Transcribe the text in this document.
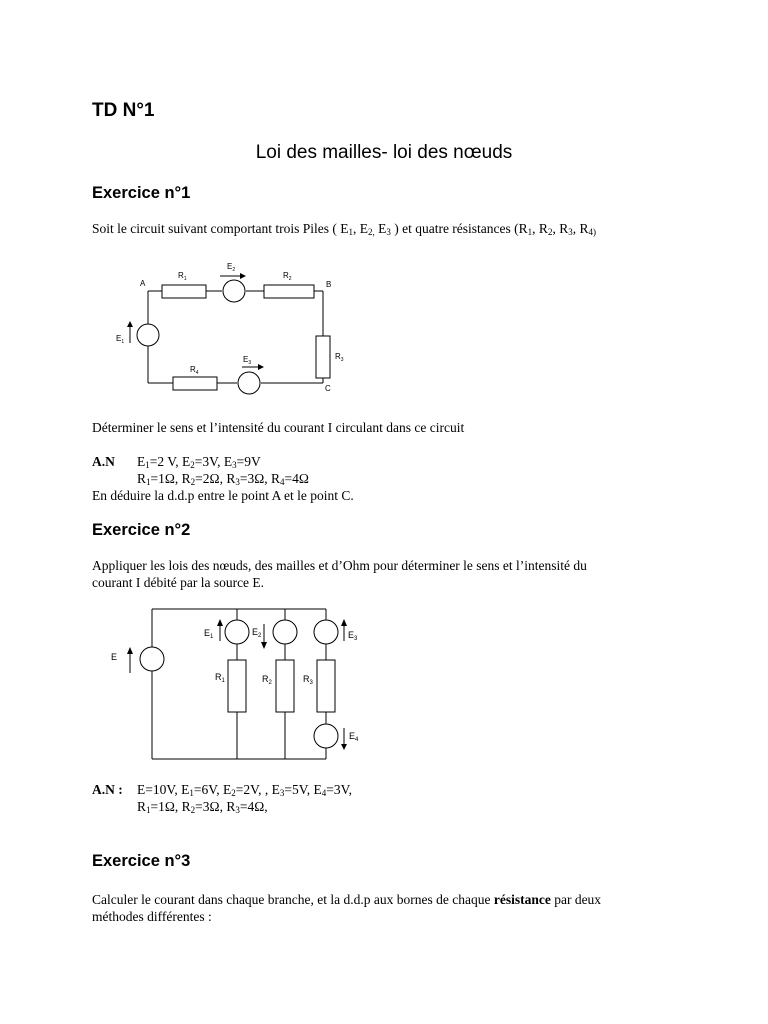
TD N°1
Loi des mailles- loi des nœuds
Exercice n°1
Soit le circuit suivant comportant trois Piles ( $E_1$, $E_{2,}$ $E_3$ ) et quatre résistances ($R_1$, $R_2$, $R_3$, $R_{4)}$
A	B
C
$R_1$	$R_2$
$R_3$
$R_4$
$E_2$
$E_3$
$E_1$
Déterminer le sens et l’intensité du courant I circulant dans ce circuit
A.N $E_1=2$ V, $E_2=3V$, $E_3=9V$
$R_1=1\Omega$, $R_2=2\Omega$, $R_3=3\Omega$, $R_4=4\Omega$
En déduire la d.d.p entre le point A et le point C.
Exercice n°2
Appliquer les lois des nœuds, des mailles et d’Ohm pour déterminer le sens et l’intensité du
courant I débité par la source E.
E
$E_1$	$E_2$	$E_3$
$E_4$
$R_1$	$R_2$	$R_3$
A.N : E=10V, $E_1=6V$, $E_2=2V$, , $E_3=5V$, $E_4=3V$,
$R_1=1\Omega$, $R_2=3\Omega$, $R_3=4\Omega$,
Exercice n°3
Calculer le courant dans chaque branche, et la d.d.p aux bornes de chaque résistance par deux
méthodes différentes :
